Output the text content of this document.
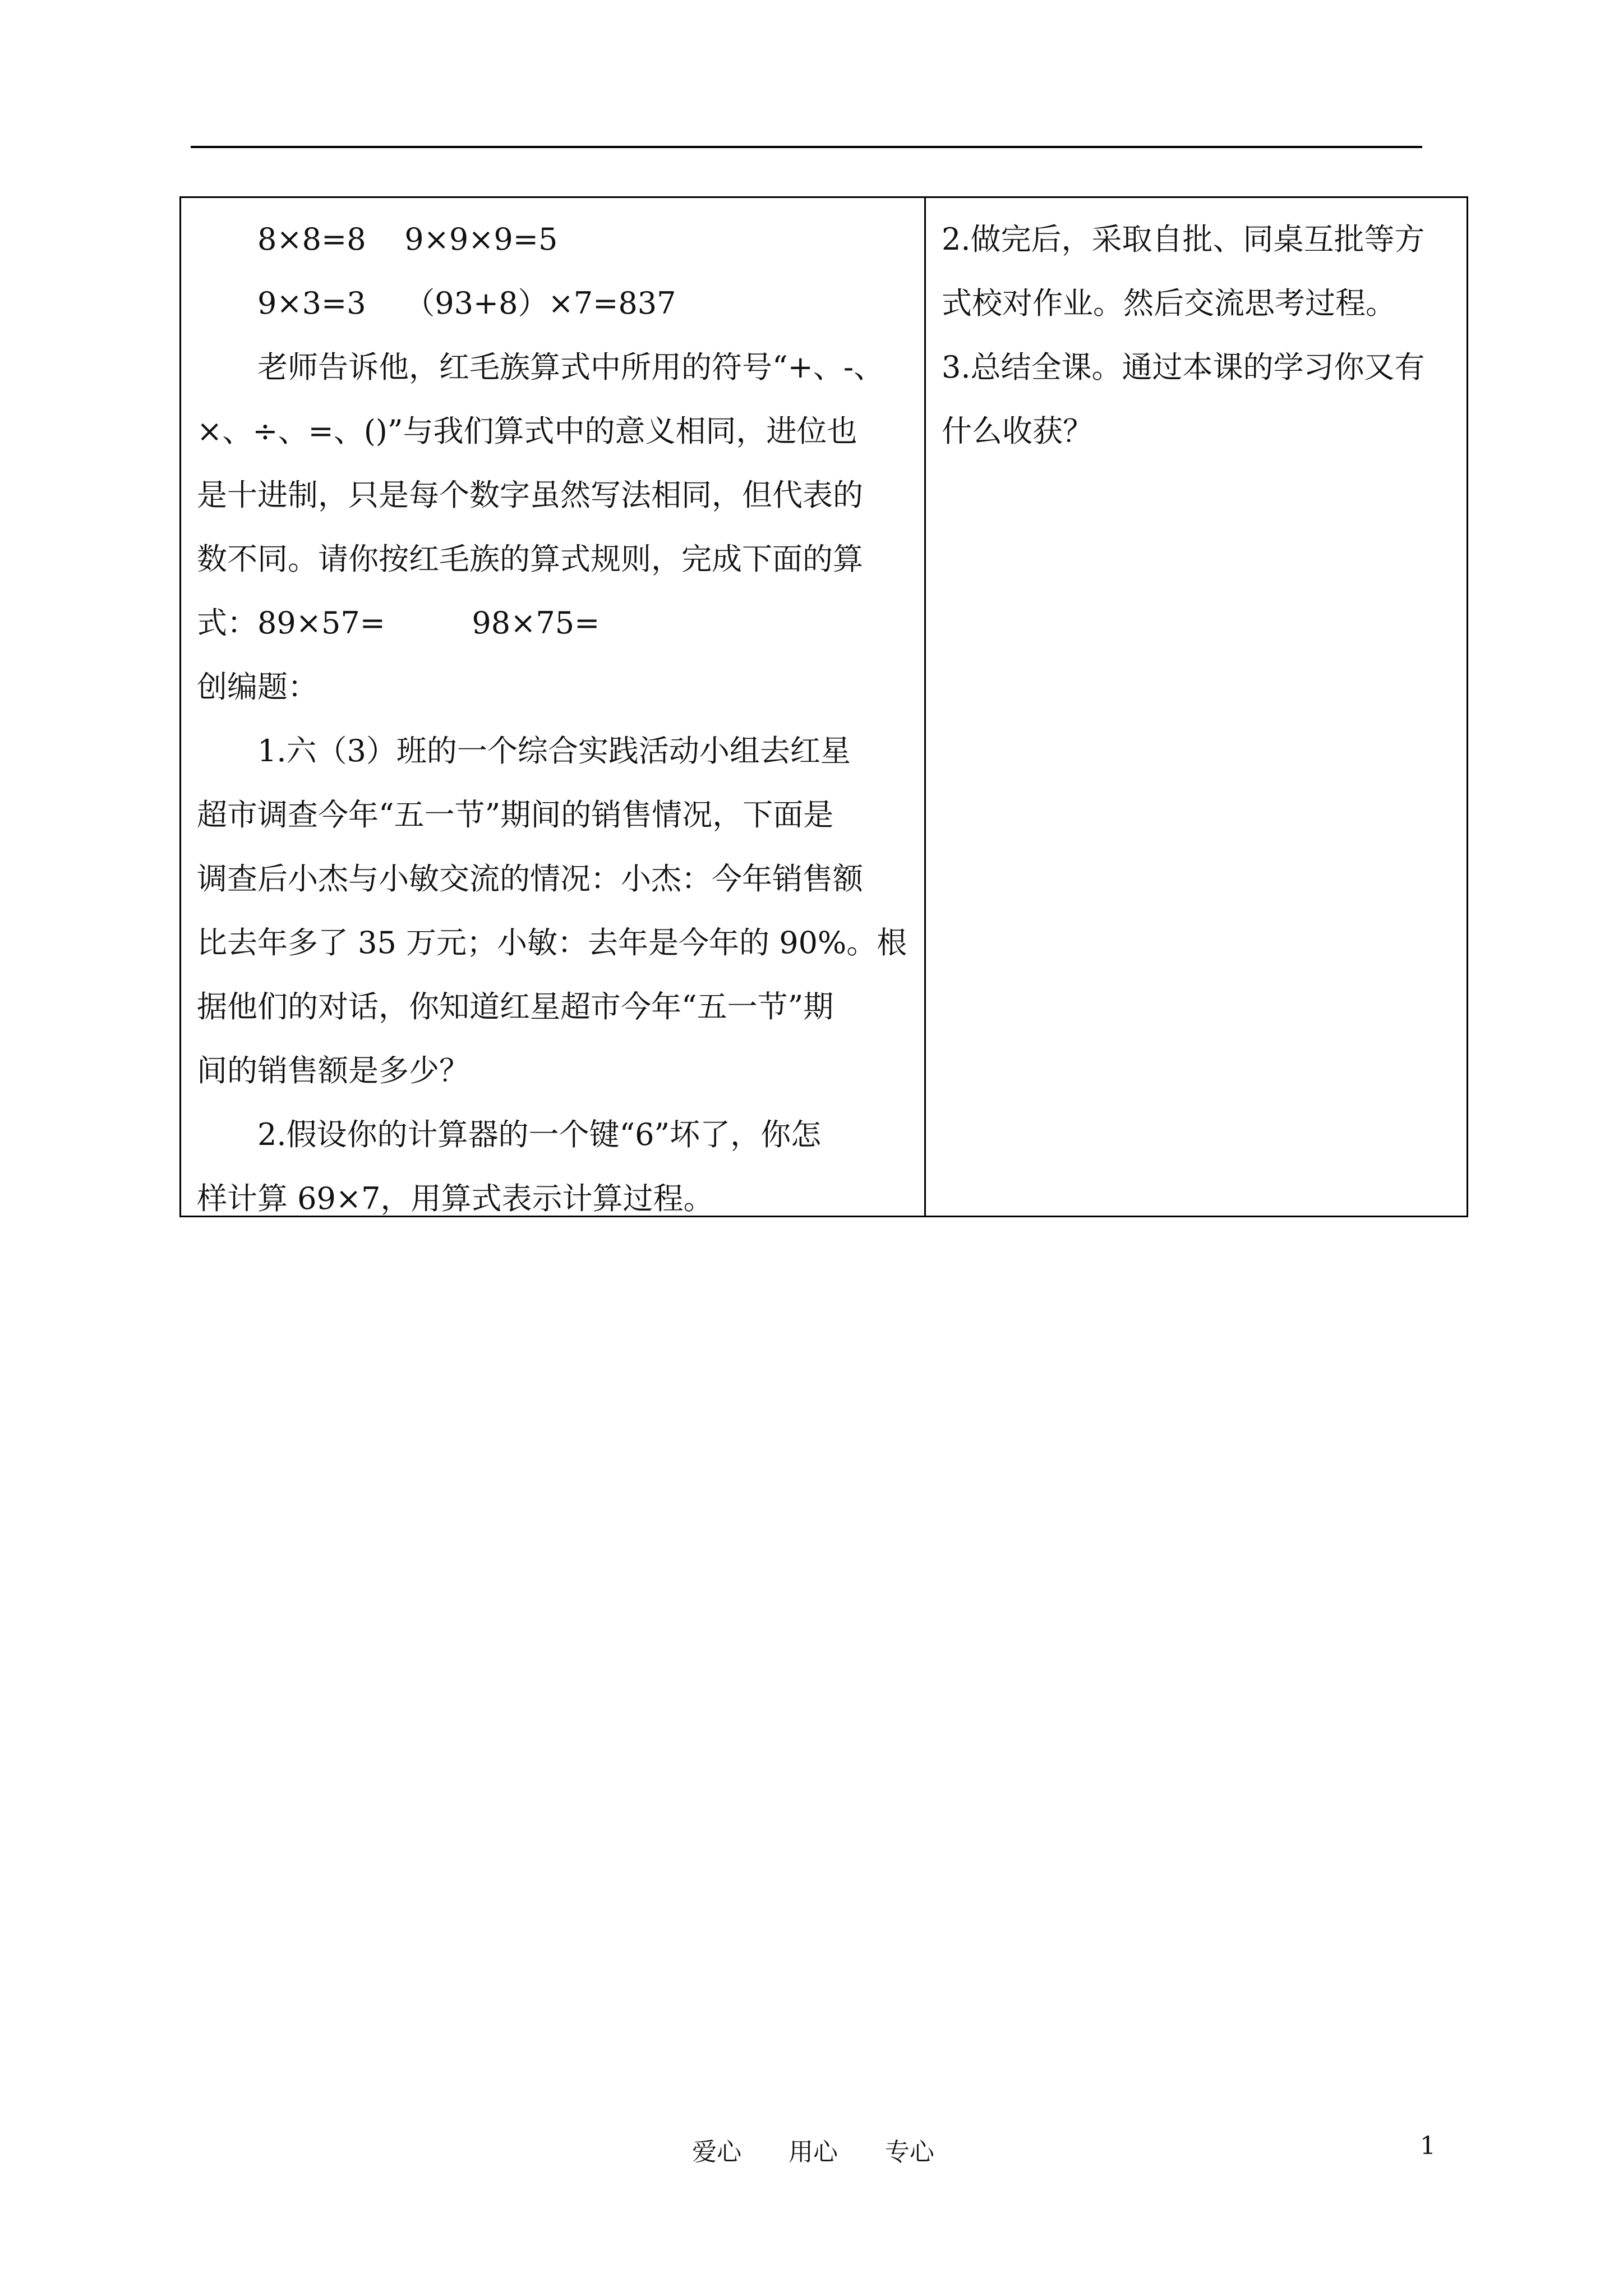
8×8=8    9×9×9=5
9×3=3    （93+8）×7=837
老师告诉他，红毛族算式中所用的符号“+、-、
×、÷、=、()”与我们算式中的意义相同，进位也
是十进制，只是每个数字虽然写法相同，但代表的
数不同。请你按红毛族的算式规则，完成下面的算
式：89×57=         98×75=
创编题：
1.六（3）班的一个综合实践活动小组去红星
超市调查今年“五一节”期间的销售情况，下面是
调查后小杰与小敏交流的情况：小杰：今年销售额
比去年多了 35 万元；小敏：去年是今年的 90%。根
据他们的对话，你知道红星超市今年“五一节”期
间的销售额是多少？
2.假设你的计算器的一个键“6”坏了，你怎
样计算 69×7，用算式表示计算过程。
2.做完后，采取自批、同桌互批等方
式校对作业。然后交流思考过程。
3.总结全课。通过本课的学习你又有
什么收获？
爱心      用心      专心	1
